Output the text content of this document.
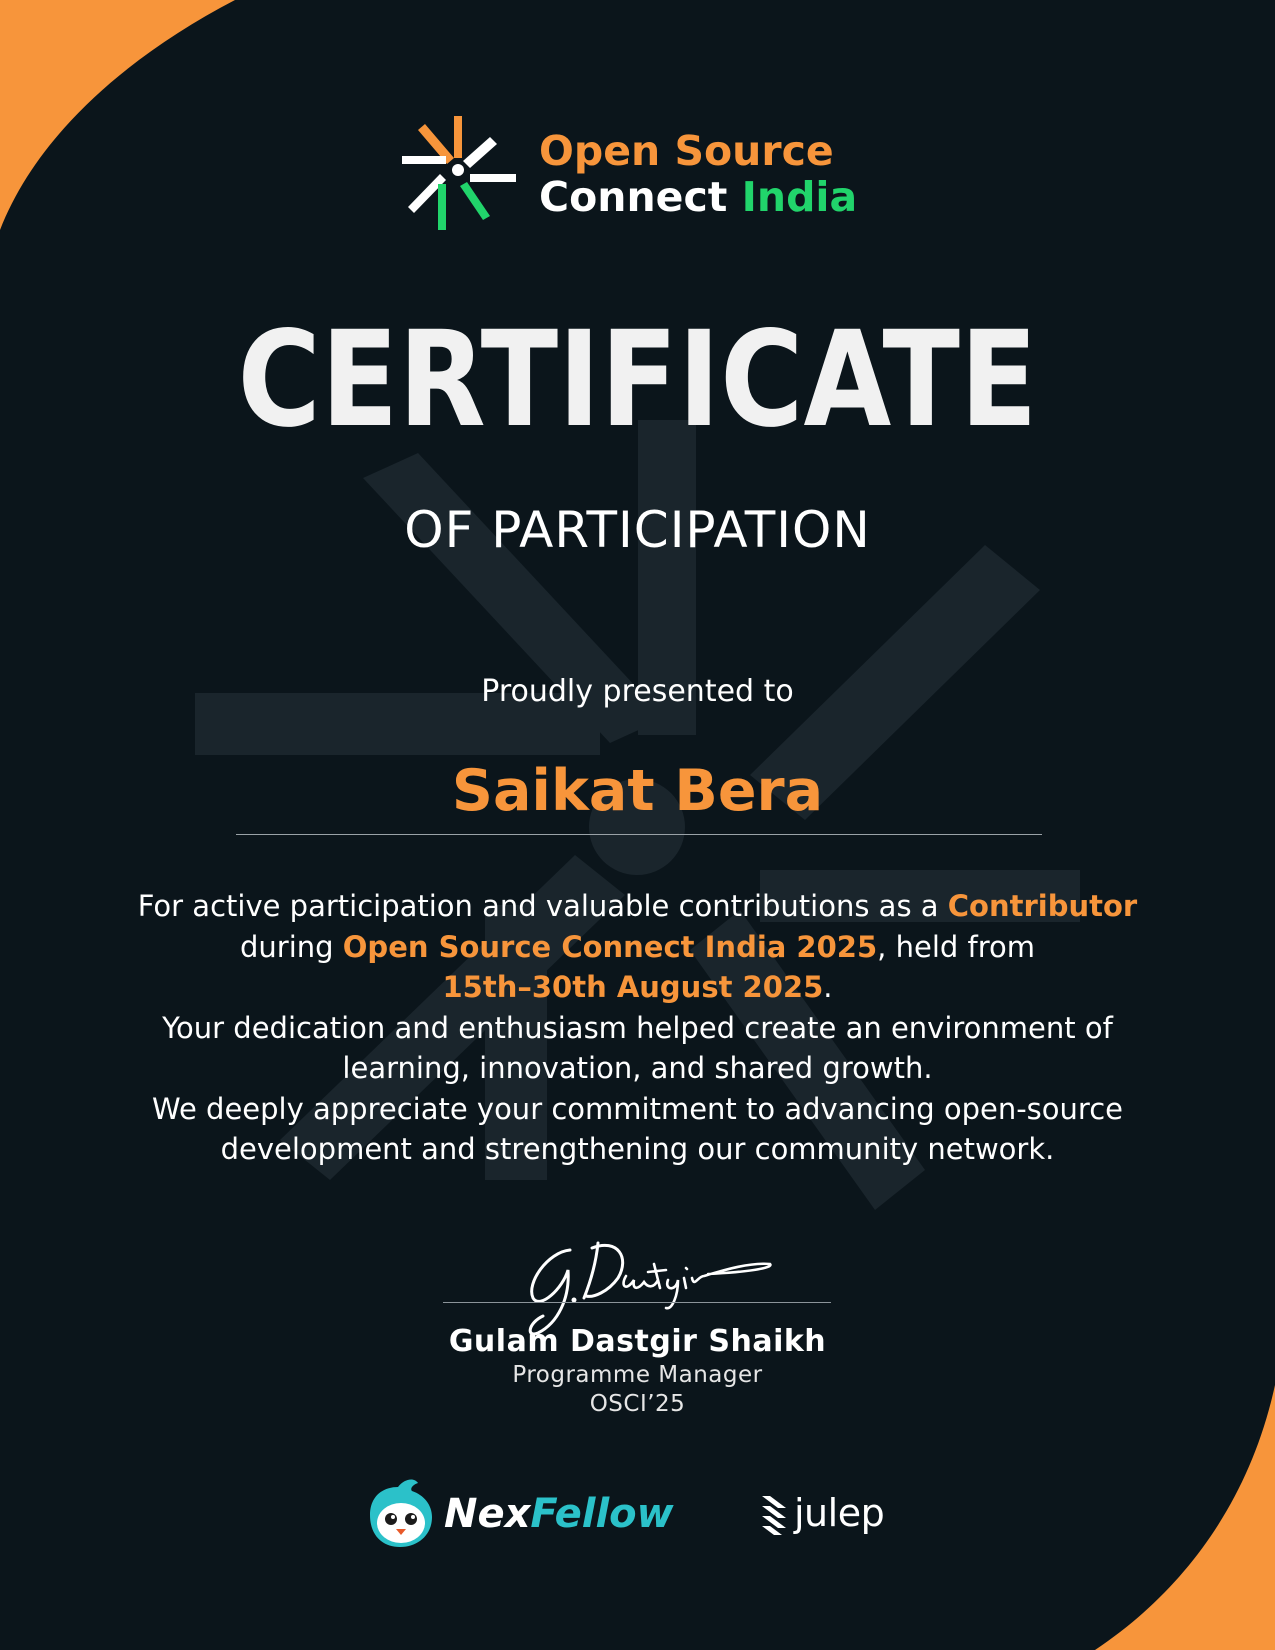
Open Source
Connect India
CERTIFICATE
OF PARTICIPATION
Proudly presented to
Saikat Bera
For active participation and valuable contributions as a Contributor
during Open Source Connect India 2025, held from
15th–30th August 2025.
Your dedication and enthusiasm helped create an environment of
learning, innovation, and shared growth.
We deeply appreciate your commitment to advancing open-source
development and strengthening our community network.
Gulam Dastgir Shaikh
Programme Manager
OSCI’25
NexFellow	julep
